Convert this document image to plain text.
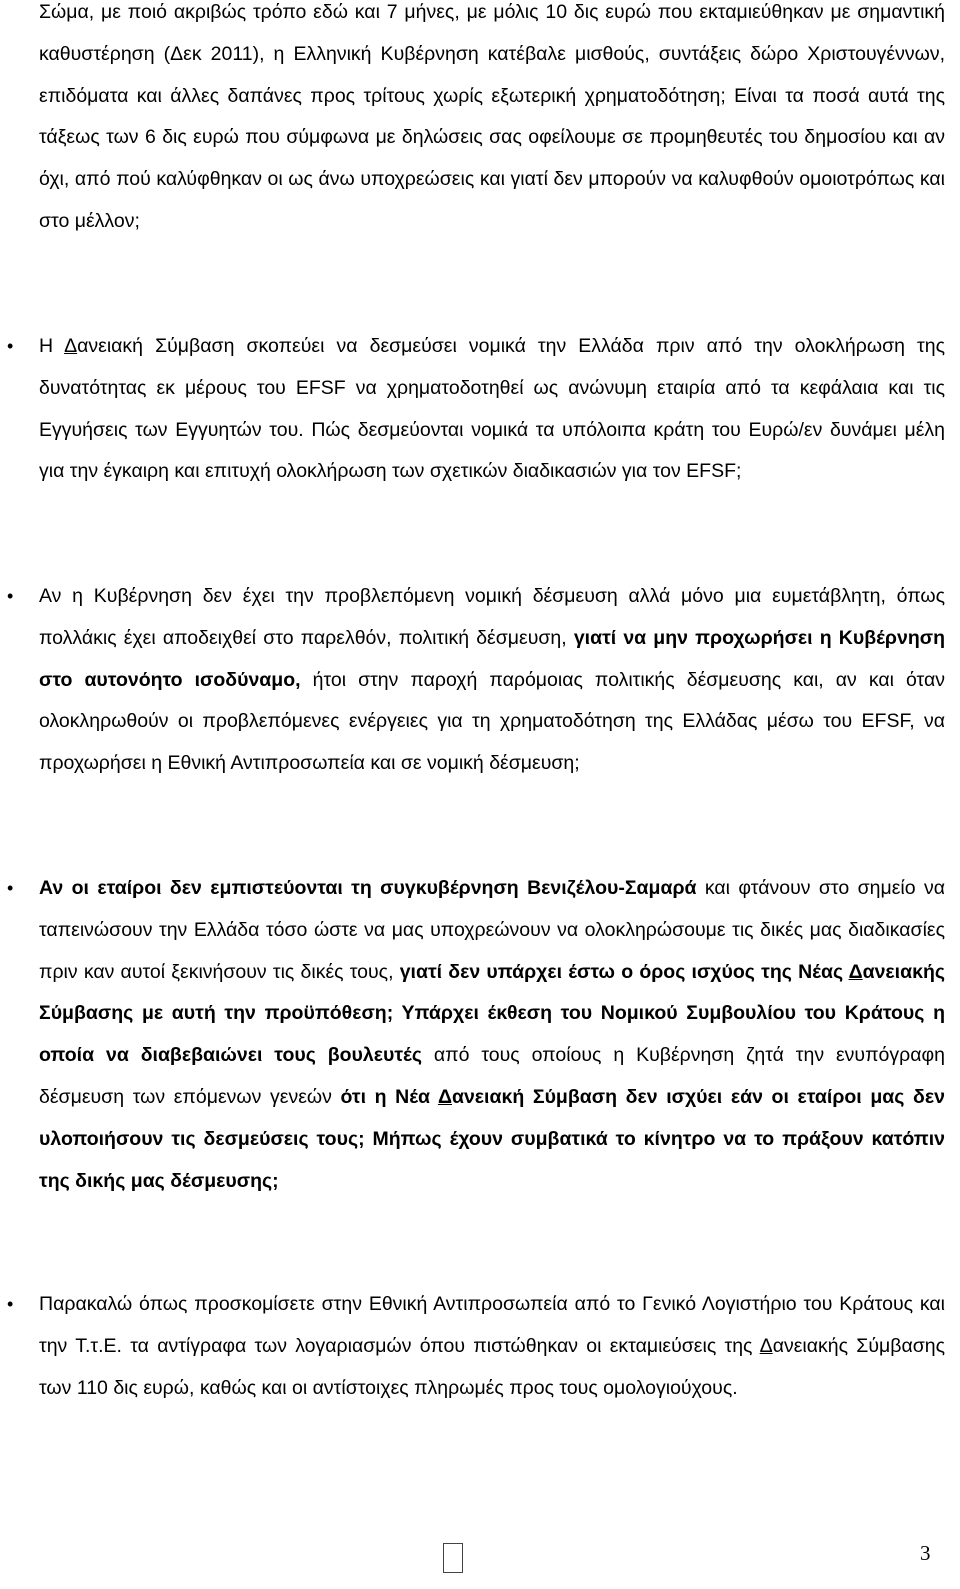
Σώμα, με ποιό ακριβώς τρόπο εδώ και 7 μήνες, με μόλις 10 δις ευρώ που εκταμιεύθηκαν με σημαντική καθυστέρηση (Δεκ 2011), η Ελληνική Κυβέρνηση κατέβαλε μισθούς, συντάξεις δώρο Χριστουγέννων, επιδόματα και άλλες δαπάνες προς τρίτους χωρίς εξωτερική χρηματοδότηση; Είναι τα ποσά αυτά της τάξεως των 6 δις ευρώ που σύμφωνα με δηλώσεις σας οφείλουμε σε προμηθευτές του δημοσίου και αν όχι, από πού καλύφθηκαν οι ως άνω υποχρεώσεις και γιατί δεν μπορούν να καλυφθούν ομοιοτρόπως και στο μέλλον;

•	Η Δανειακή Σύμβαση σκοπεύει να δεσμεύσει νομικά την Ελλάδα πριν από την ολοκλήρωση της δυνατότητας εκ μέρους του EFSF να χρηματοδοτηθεί ως ανώνυμη εταιρία από τα κεφάλαια και τις Εγγυήσεις των Εγγυητών του. Πώς δεσμεύονται νομικά τα υπόλοιπα κράτη του Ευρώ/εν δυνάμει μέλη για την έγκαιρη και επιτυχή ολοκλήρωση των σχετικών διαδικασιών για τον EFSF;

•	Αν η Κυβέρνηση δεν έχει την προβλεπόμενη νομική δέσμευση αλλά μόνο μια ευμετάβλητη, όπως πολλάκις έχει αποδειχθεί στο παρελθόν, πολιτική δέσμευση, γιατί να μην προχωρήσει η Κυβέρνηση στο αυτονόητο ισοδύναμο, ήτοι στην παροχή παρόμοιας πολιτικής δέσμευσης και, αν και όταν ολοκληρωθούν οι προβλεπόμενες ενέργειες για τη χρηματοδότηση της Ελλάδας μέσω του EFSF, να προχωρήσει η Εθνική Αντιπροσωπεία και σε νομική δέσμευση;

•	Αν οι εταίροι δεν εμπιστεύονται τη συγκυβέρνηση Βενιζέλου-Σαμαρά και φτάνουν στο σημείο να ταπεινώσουν την Ελλάδα τόσο ώστε να μας υποχρεώνουν να ολοκληρώσουμε τις δικές μας διαδικασίες πριν καν αυτοί ξεκινήσουν τις δικές τους, γιατί δεν υπάρχει έστω ο όρος ισχύος της Νέας Δανειακής Σύμβασης με αυτή την προϋπόθεση; Υπάρχει έκθεση του Νομικού Συμβουλίου του Κράτους η οποία να διαβεβαιώνει τους βουλευτές από τους οποίους η Κυβέρνηση ζητά την ενυπόγραφη δέσμευση των επόμενων γενεών ότι η Νέα Δανειακή Σύμβαση δεν ισχύει εάν οι εταίροι μας δεν υλοποιήσουν τις δεσμεύσεις τους; Μήπως έχουν συμβατικά το κίνητρο να το πράξουν κατόπιν της δικής μας δέσμευσης;

•	Παρακαλώ όπως προσκομίσετε στην Εθνική Αντιπροσωπεία από το Γενικό Λογιστήριο του Κράτους και την Τ.τ.Ε. τα αντίγραφα των λογαριασμών όπου πιστώθηκαν οι εκταμιεύσεις της Δανειακής Σύμβασης των 110 δις ευρώ, καθώς και οι αντίστοιχες πληρωμές προς τους ομολογιούχους.

3
